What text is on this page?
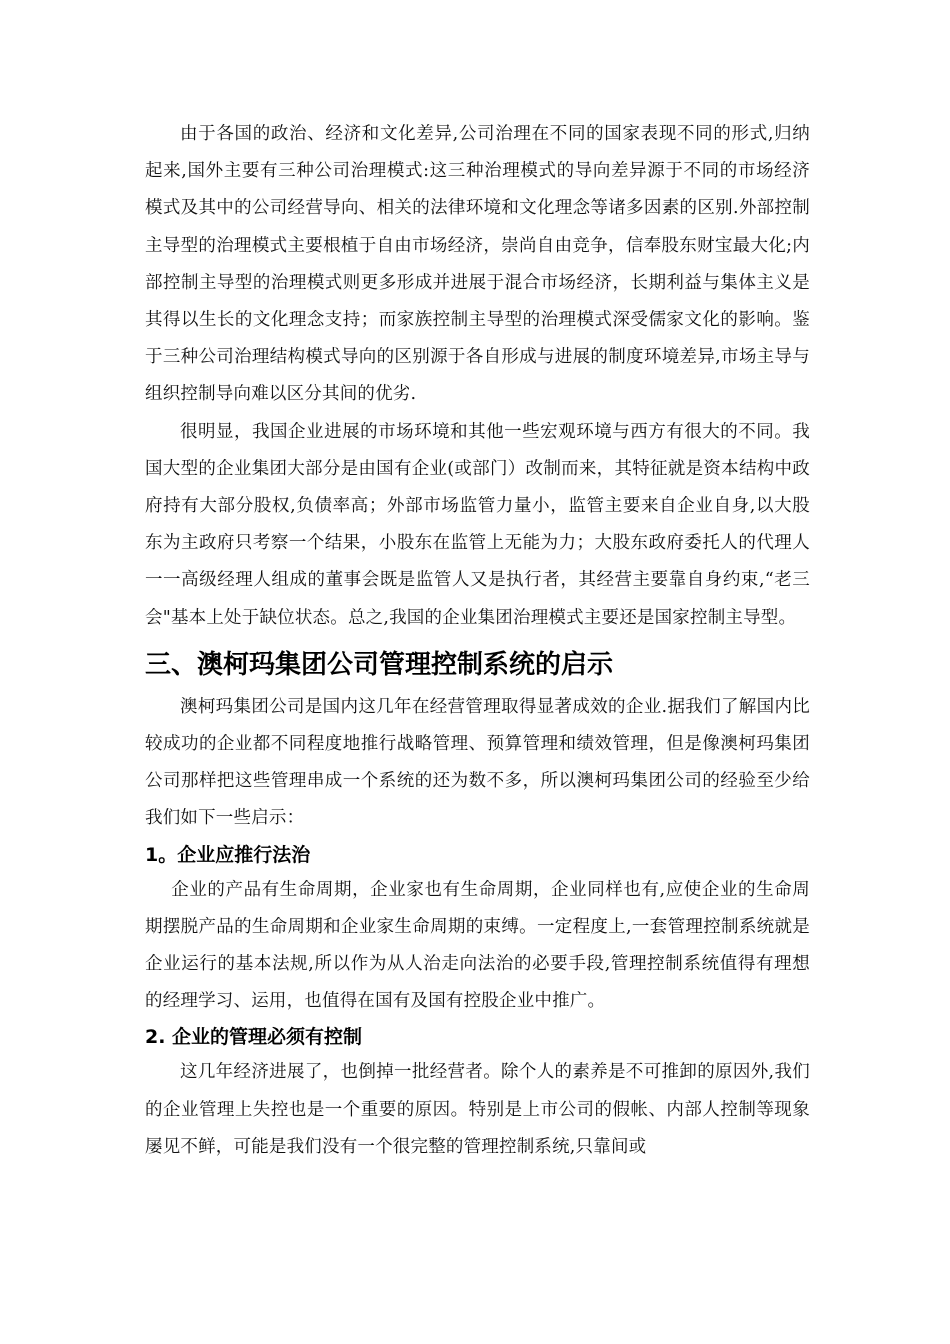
由于各国的政治、经济和文化差异,公司治理在不同的国家表现不同的形式,归纳起来,国外主要有三种公司治理模式:这三种治理模式的导向差异源于不同的市场经济模式及其中的公司经营导向、相关的法律环境和文化理念等诸多因素的区别.外部控制主导型的治理模式主要根植于自由市场经济，崇尚自由竞争，信奉股东财宝最大化;内部控制主导型的治理模式则更多形成并进展于混合市场经济，长期利益与集体主义是其得以生长的文化理念支持；而家族控制主导型的治理模式深受儒家文化的影响。鉴于三种公司治理结构模式导向的区别源于各自形成与进展的制度环境差异,市场主导与组织控制导向难以区分其间的优劣.

很明显，我国企业进展的市场环境和其他一些宏观环境与西方有很大的不同。我国大型的企业集团大部分是由国有企业(或部门）改制而来，其特征就是资本结构中政府持有大部分股权,负债率高；外部市场监管力量小，监管主要来自企业自身,以大股东为主政府只考察一个结果，小股东在监管上无能为力；大股东政府委托人的代理人一一高级经理人组成的董事会既是监管人又是执行者，其经营主要靠自身约束,“老三会"基本上处于缺位状态。总之,我国的企业集团治理模式主要还是国家控制主导型。

三、澳柯玛集团公司管理控制系统的启示

澳柯玛集团公司是国内这几年在经营管理取得显著成效的企业.据我们了解国内比较成功的企业都不同程度地推行战略管理、预算管理和绩效管理，但是像澳柯玛集团公司那样把这些管理串成一个系统的还为数不多，所以澳柯玛集团公司的经验至少给我们如下一些启示：

1。企业应推行法治

企业的产品有生命周期，企业家也有生命周期，企业同样也有,应使企业的生命周期摆脱产品的生命周期和企业家生命周期的束缚。一定程度上,一套管理控制系统就是企业运行的基本法规,所以作为从人治走向法治的必要手段,管理控制系统值得有理想的经理学习、运用，也值得在国有及国有控股企业中推广。

2. 企业的管理必须有控制

这几年经济进展了，也倒掉一批经营者。除个人的素养是不可推卸的原因外,我们的企业管理上失控也是一个重要的原因。特别是上市公司的假帐、内部人控制等现象屡见不鲜，可能是我们没有一个很完整的管理控制系统,只靠间或
